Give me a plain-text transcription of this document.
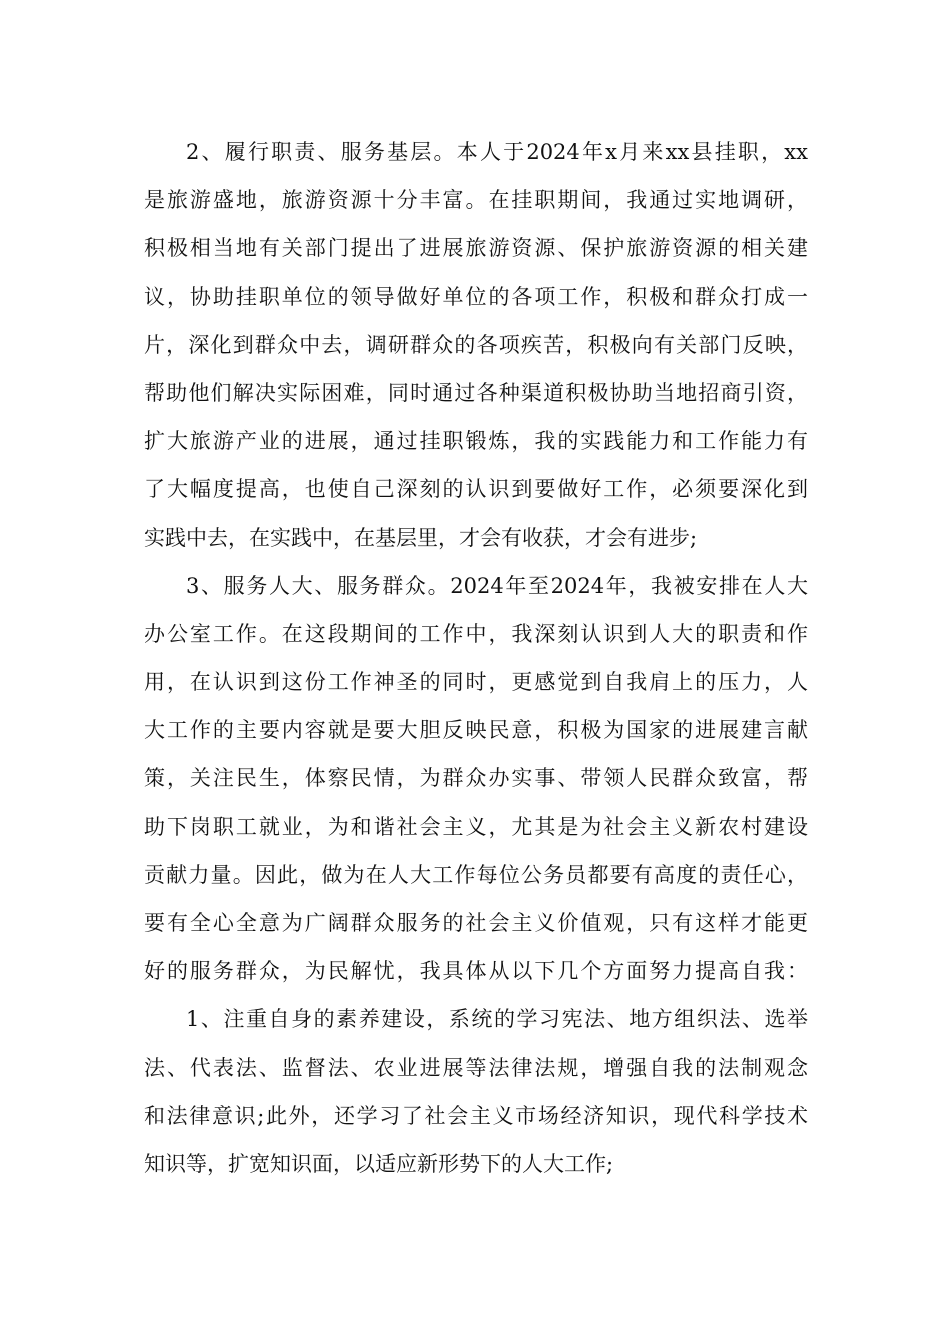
2、履行职责、服务基层。本人于2024年x月来xx县挂职，xx
是旅游盛地，旅游资源十分丰富。在挂职期间，我通过实地调研，
积极相当地有关部门提出了进展旅游资源、保护旅游资源的相关建
议，协助挂职单位的领导做好单位的各项工作，积极和群众打成一
片，深化到群众中去，调研群众的各项疾苦，积极向有关部门反映，
帮助他们解决实际困难，同时通过各种渠道积极协助当地招商引资，
扩大旅游产业的进展，通过挂职锻炼，我的实践能力和工作能力有
了大幅度提高，也使自己深刻的认识到要做好工作，必须要深化到
实践中去，在实践中，在基层里，才会有收获，才会有进步;
3、服务人大、服务群众。2024年至2024年，我被安排在人大
办公室工作。在这段期间的工作中，我深刻认识到人大的职责和作
用，在认识到这份工作神圣的同时，更感觉到自我肩上的压力，人
大工作的主要内容就是要大胆反映民意，积极为国家的进展建言献
策，关注民生，体察民情，为群众办实事、带领人民群众致富，帮
助下岗职工就业，为和谐社会主义，尤其是为社会主义新农村建设
贡献力量。因此，做为在人大工作每位公务员都要有高度的责任心，
要有全心全意为广阔群众服务的社会主义价值观，只有这样才能更
好的服务群众，为民解忧，我具体从以下几个方面努力提高自我：
1、注重自身的素养建设，系统的学习宪法、地方组织法、选举
法、代表法、监督法、农业进展等法律法规，增强自我的法制观念
和法律意识;此外，还学习了社会主义市场经济知识，现代科学技术
知识等，扩宽知识面，以适应新形势下的人大工作;
